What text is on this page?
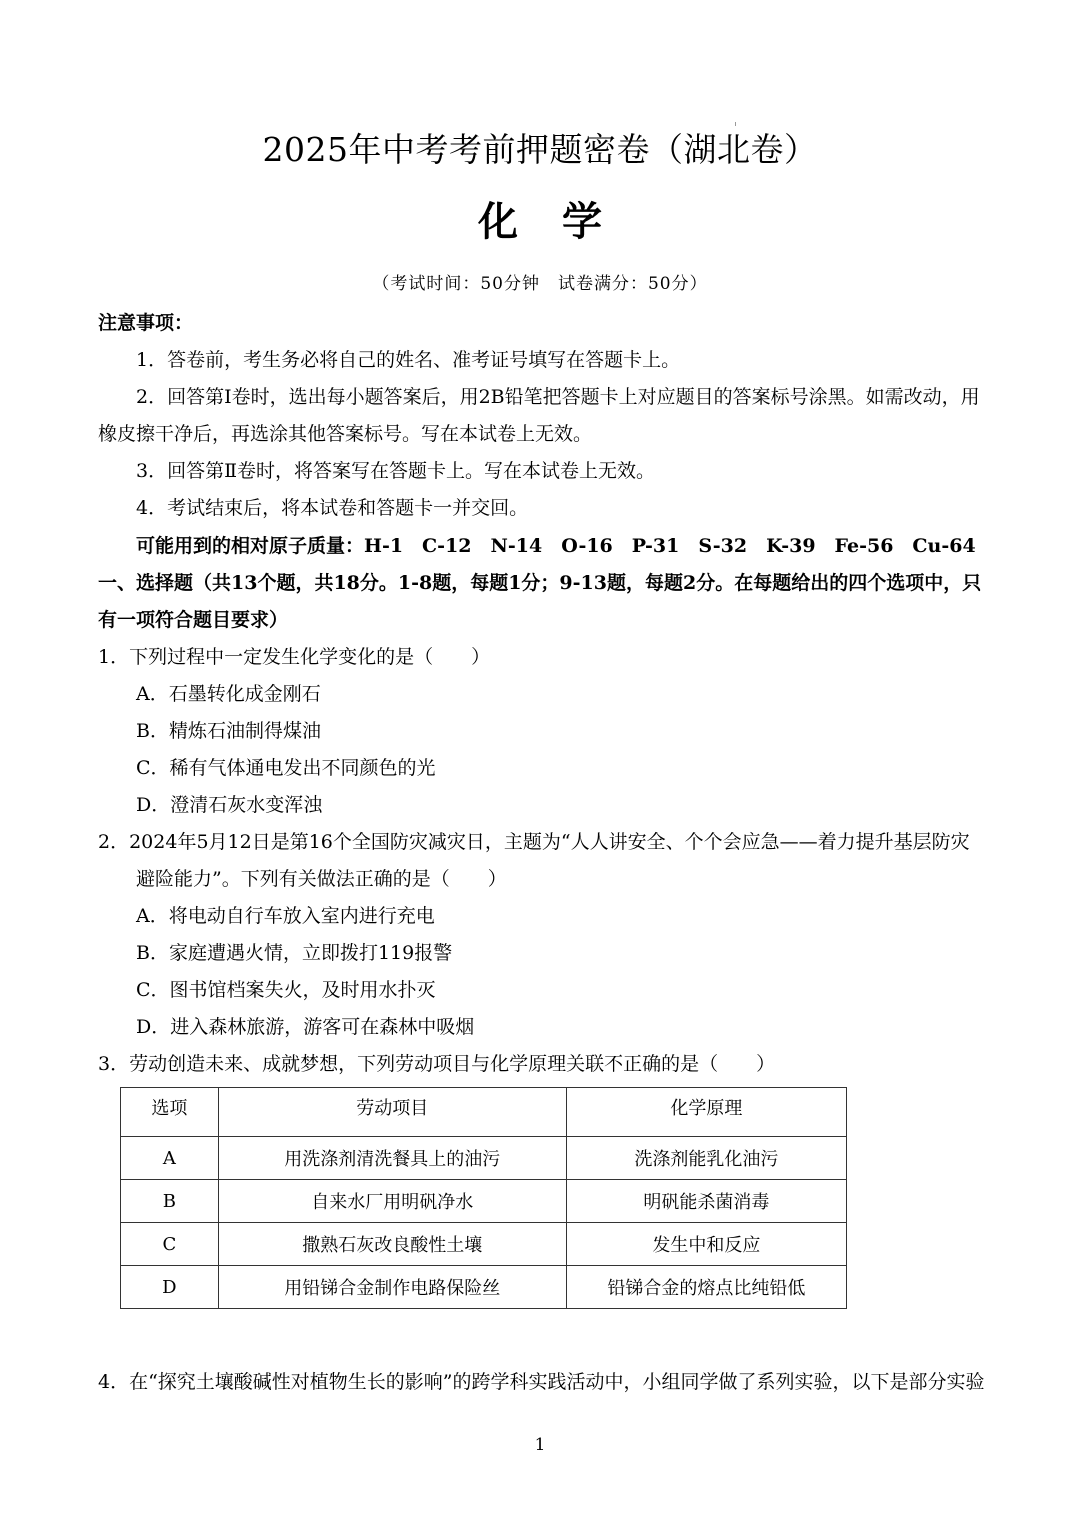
2025年中考考前押题密卷（湖北卷）
化 学
（考试时间：50分钟　试卷满分：50分）
注意事项：
1．答卷前，考生务必将自己的姓名、准考证号填写在答题卡上。
2．回答第Ⅰ卷时，选出每小题答案后，用2B铅笔把答题卡上对应题目的答案标号涂黑。如需改动，用
橡皮擦干净后，再选涂其他答案标号。写在本试卷上无效。
3．回答第Ⅱ卷时，将答案写在答题卡上。写在本试卷上无效。
4．考试结束后，将本试卷和答题卡一并交回。
可能用到的相对原子质量：H-1　C-12　N-14　O-16　P-31　S-32　K-39　Fe-56　Cu-64
一、选择题（共13个题，共18分。1-8题，每题1分；9-13题，每题2分。在每题给出的四个选项中，只
有一项符合题目要求）
1．下列过程中一定发生化学变化的是（　　）
A．石墨转化成金刚石
B．精炼石油制得煤油
C．稀有气体通电发出不同颜色的光
D．澄清石灰水变浑浊
2．2024年5月12日是第16个全国防灾减灾日，主题为“人人讲安全、个个会应急——着力提升基层防灾
避险能力”。下列有关做法正确的是（　　）
A．将电动自行车放入室内进行充电
B．家庭遭遇火情，立即拨打119报警
C．图书馆档案失火，及时用水扑灭
D．进入森林旅游，游客可在森林中吸烟
3．劳动创造未来、成就梦想，下列劳动项目与化学原理关联不正确的是（　　）
选项	劳动项目	化学原理
A	用洗涤剂清洗餐具上的油污	洗涤剂能乳化油污
B	自来水厂用明矾净水	明矾能杀菌消毒
C	撒熟石灰改良酸性土壤	发生中和反应
D	用铅锑合金制作电路保险丝	铅锑合金的熔点比纯铅低
4．在“探究土壤酸碱性对植物生长的影响”的跨学科实践活动中，小组同学做了系列实验，以下是部分实验
1
